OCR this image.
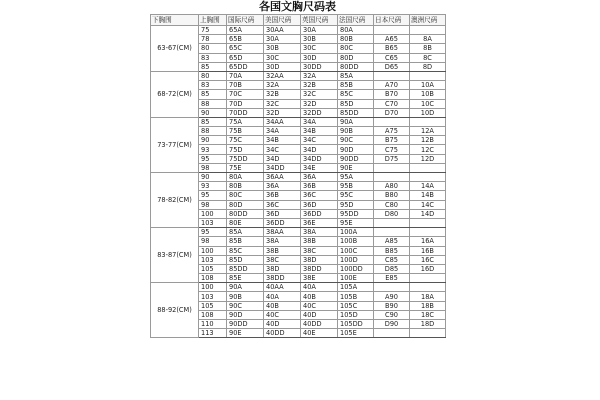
各国文胸尺码表
下胸围	上胸围	国际尺码	美国尺码	英国尺码	法国尺码	日本尺码	澳洲尺码
63-67(CM)	75	65A	30AA	30A	80A		
	78	65B	30A	30B	80B	A65	8A
	80	65C	30B	30C	80C	B65	8B
	83	65D	30C	30D	80D	C65	8C
	85	65DD	30D	30DD	80DD	D65	8D
68-72(CM)	80	70A	32AA	32A	85A		
	83	70B	32A	32B	85B	A70	10A
	85	70C	32B	32C	85C	B70	10B
	88	70D	32C	32D	85D	C70	10C
	90	70DD	32D	32DD	85DD	D70	10D
73-77(CM)	85	75A	34AA	34A	90A		
	88	75B	34A	34B	90B	A75	12A
	90	75C	34B	34C	90C	B75	12B
	93	75D	34C	34D	90D	C75	12C
	95	75DD	34D	34DD	90DD	D75	12D
	98	75E	34DD	34E	90E		
78-82(CM)	90	80A	36AA	36A	95A		
	93	80B	36A	36B	95B	A80	14A
	95	80C	36B	36C	95C	B80	14B
	98	80D	36C	36D	95D	C80	14C
	100	80DD	36D	36DD	95DD	D80	14D
	103	80E	36DD	36E	95E		
83-87(CM)	95	85A	38AA	38A	100A		
	98	85B	38A	38B	100B	A85	16A
	100	85C	38B	38C	100C	B85	16B
	103	85D	38C	38D	100D	C85	16C
	105	85DD	38D	38DD	100DD	D85	16D
	108	85E	38DD	38E	100E	E85	
88-92(CM)	100	90A	40AA	40A	105A		
	103	90B	40A	40B	105B	A90	18A
	105	90C	40B	40C	105C	B90	18B
	108	90D	40C	40D	105D	C90	18C
	110	90DD	40D	40DD	105DD	D90	18D
	113	90E	40DD	40E	105E		
